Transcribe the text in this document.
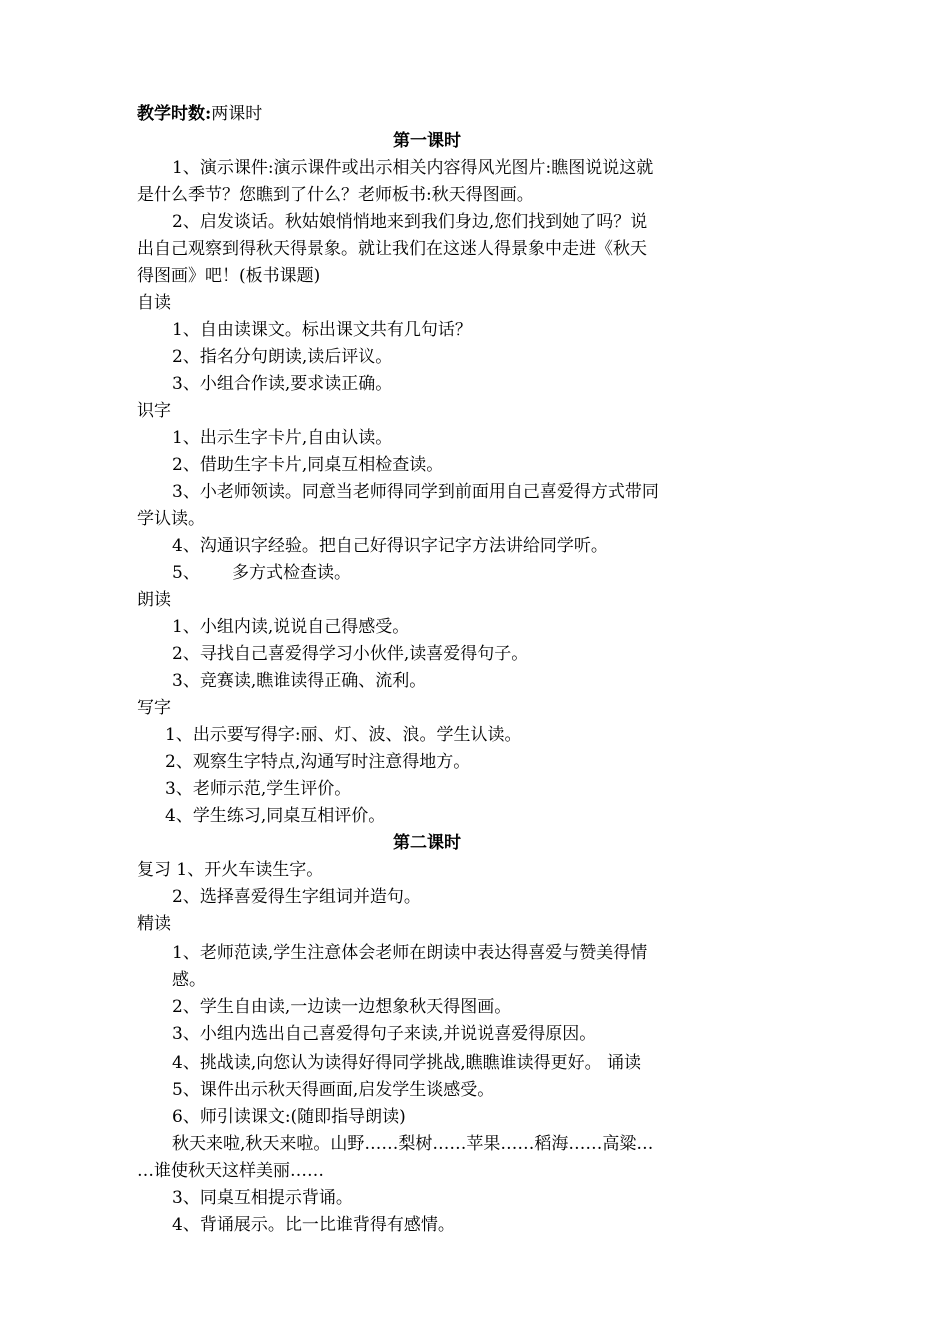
教学时数:两课时
第一课时
1、演示课件:演示课件或出示相关内容得风光图片:瞧图说说这就
是什么季节？您瞧到了什么？老师板书:秋天得图画。
2、启发谈话。秋姑娘悄悄地来到我们身边,您们找到她了吗？说
出自己观察到得秋天得景象。就让我们在这迷人得景象中走进《秋天
得图画》吧！(板书课题)
自读
1、自由读课文。标出课文共有几句话？
2、指名分句朗读,读后评议。
3、小组合作读,要求读正确。
识字
1、出示生字卡片,自由认读。
2、借助生字卡片,同桌互相检查读。
3、小老师领读。同意当老师得同学到前面用自己喜爱得方式带同
学认读。
4、沟通识字经验。把自己好得识字记字方法讲给同学听。
5、 多方式检查读。
朗读
1、小组内读,说说自己得感受。
2、寻找自己喜爱得学习小伙伴,读喜爱得句子。
3、竞赛读,瞧谁读得正确、流利。
写字
1、出示要写得字:丽、灯、波、浪。学生认读。
2、观察生字特点,沟通写时注意得地方。
3、老师示范,学生评价。
4、学生练习,同桌互相评价。
第二课时
复习 1、开火车读生字。
2、选择喜爱得生字组词并造句。
精读
1、老师范读,学生注意体会老师在朗读中表达得喜爱与赞美得情
感。
2、学生自由读,一边读一边想象秋天得图画。
3、小组内选出自己喜爱得句子来读,并说说喜爱得原因。
4、挑战读,向您认为读得好得同学挑战,瞧瞧谁读得更好。 诵读
5、课件出示秋天得画面,启发学生谈感受。
6、师引读课文:(随即指导朗读)
秋天来啦,秋天来啦。山野……梨树……苹果……稻海……高粱…
…谁使秋天这样美丽……
3、同桌互相提示背诵。
4、背诵展示。比一比谁背得有感情。
